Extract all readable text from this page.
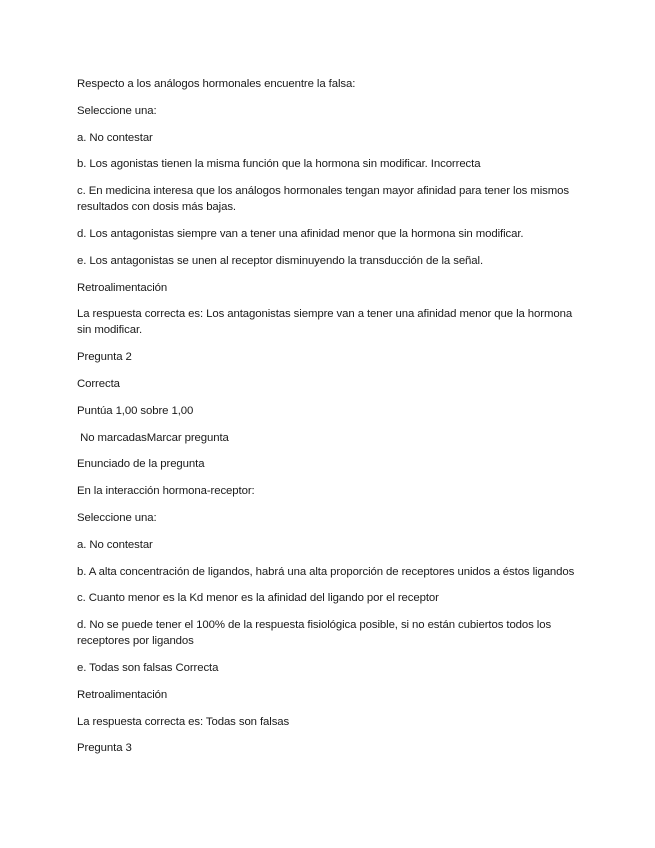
Respecto a los análogos hormonales encuentre la falsa:
Seleccione una:
a. No contestar
b. Los agonistas tienen la misma función que la hormona sin modificar. Incorrecta
c. En medicina interesa que los análogos hormonales tengan mayor afinidad para tener los mismos resultados con dosis más bajas.
d. Los antagonistas siempre van a tener una afinidad menor que la hormona sin modificar.
e. Los antagonistas se unen al receptor disminuyendo la transducción de la señal.
Retroalimentación
La respuesta correcta es: Los antagonistas siempre van a tener una afinidad menor que la hormona sin modificar.
Pregunta 2
Correcta
Puntúa 1,00 sobre 1,00
No marcadasMarcar pregunta
Enunciado de la pregunta
En la interacción hormona-receptor:
Seleccione una:
a. No contestar
b. A alta concentración de ligandos, habrá una alta proporción de receptores unidos a éstos ligandos
c. Cuanto menor es la Kd menor es la afinidad del ligando por el receptor
d. No se puede tener el 100% de la respuesta fisiológica posible, si no están cubiertos todos los receptores por ligandos
e. Todas son falsas Correcta
Retroalimentación
La respuesta correcta es: Todas son falsas
Pregunta 3
